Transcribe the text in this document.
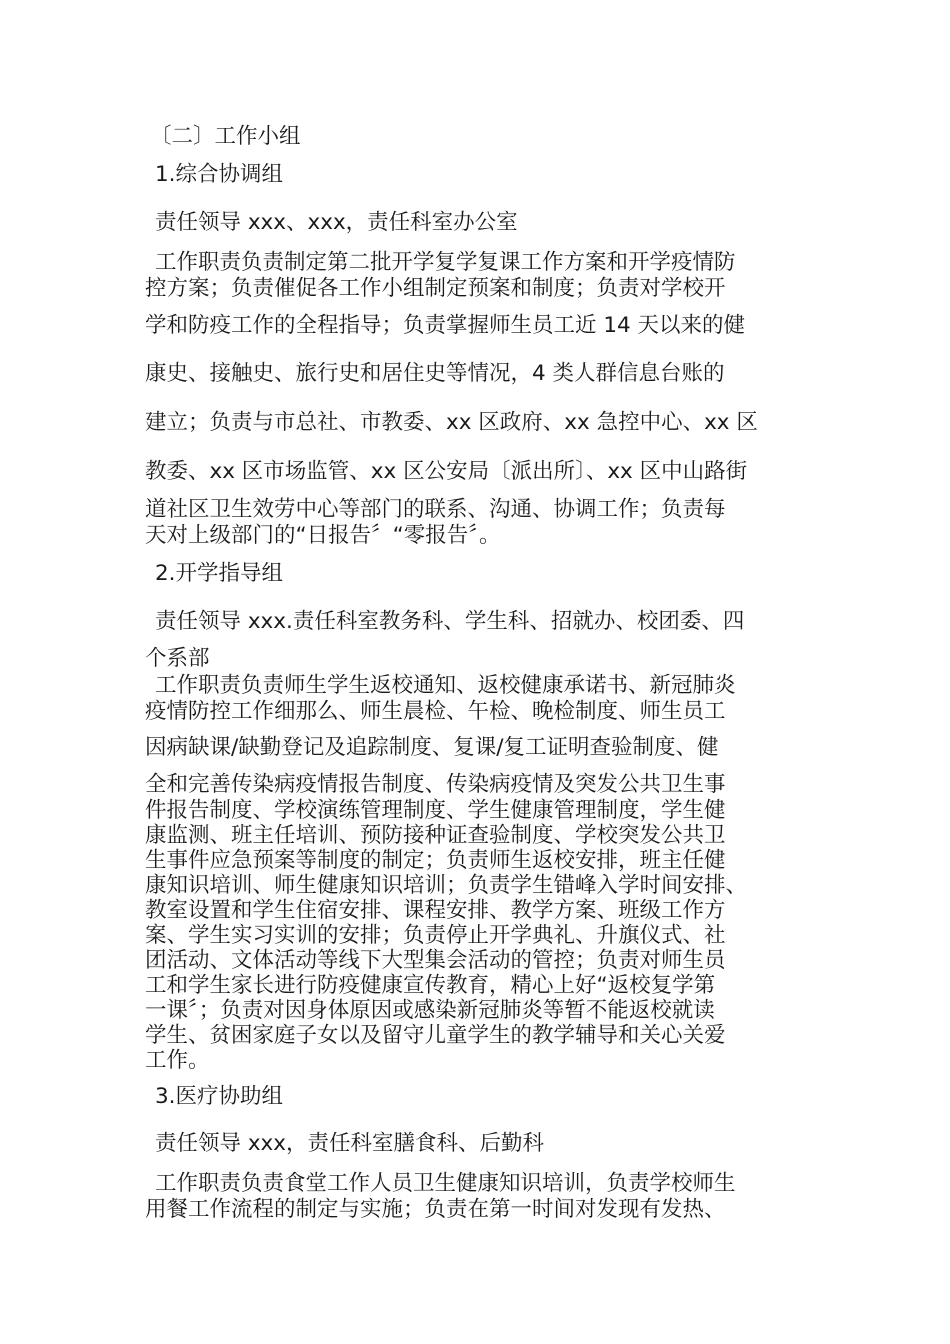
〔二〕工作小组
1.综合协调组
责任领导 xxx、xxx，责任科室办公室
工作职责负责制定第二批开学复学复课工作方案和开学疫情防
控方案；负责催促各工作小组制定预案和制度；负责对学校开
学和防疫工作的全程指导；负责掌握师生员工近 14 天以来的健
康史、接触史、旅行史和居住史等情况，4 类人群信息台账的
建立；负责与市总社、市教委、xx 区政府、xx 急控中心、xx 区
教委、xx 区市场监管、xx 区公安局〔派出所〕、xx 区中山路街
道社区卫生效劳中心等部门的联系、沟通、协调工作；负责每
天对上级部门的“日报告〞“零报告〞。
2.开学指导组
责任领导 xxx.责任科室教务科、学生科、招就办、校团委、四
个系部
工作职责负责师生学生返校通知、返校健康承诺书、新冠肺炎
疫情防控工作细那么、师生晨检、午检、晚检制度、师生员工
因病缺课/缺勤登记及追踪制度、复课/复工证明查验制度、健
全和完善传染病疫情报告制度、传染病疫情及突发公共卫生事
件报告制度、学校演练管理制度、学生健康管理制度，学生健
康监测、班主任培训、预防接种证查验制度、学校突发公共卫
生事件应急预案等制度的制定；负责师生返校安排，班主任健
康知识培训、师生健康知识培训；负责学生错峰入学时间安排、
教室设置和学生住宿安排、课程安排、教学方案、班级工作方
案、学生实习实训的安排；负责停止开学典礼、升旗仪式、社
团活动、文体活动等线下大型集会活动的管控；负责对师生员
工和学生家长进行防疫健康宣传教育，精心上好“返校复学第
一课〞；负责对因身体原因或感染新冠肺炎等暂不能返校就读
学生、贫困家庭子女以及留守儿童学生的教学辅导和关心关爱
工作。
3.医疗协助组
责任领导 xxx，责任科室膳食科、后勤科
工作职责负责食堂工作人员卫生健康知识培训，负责学校师生
用餐工作流程的制定与实施；负责在第一时间对发现有发热、
